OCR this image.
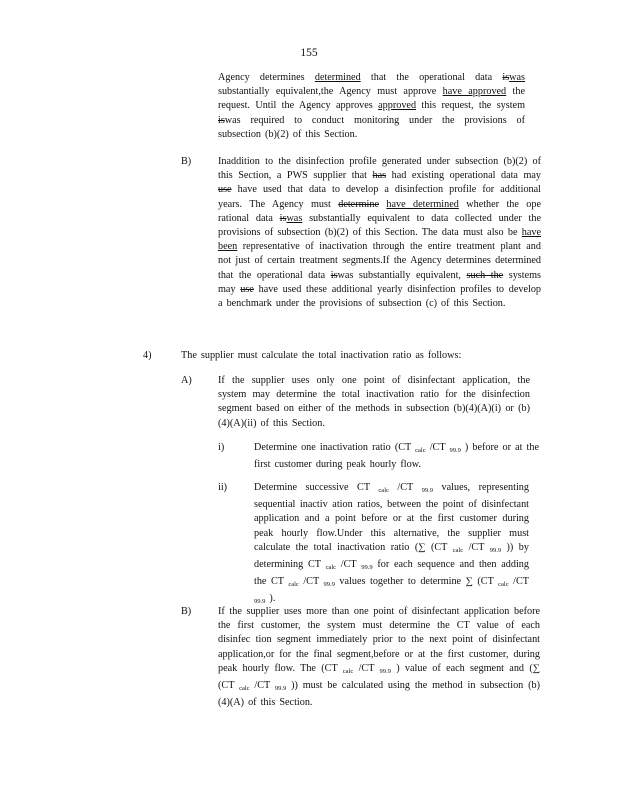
155
Agency determines determined that the operational data iswas substantially equivalent,the Agency must approve have approved the request. Until the Agency approves approved this request, the system iswas required to conduct monitoring under the provisions of subsection (b)(2) of this Section.
B)	Inaddition to the disinfection profile generated under subsection (b)(2) of this Section, a PWS supplier that has had existing operational data may use have used that data to develop a disinfection profile for additional years. The Agency must determine have determined whether the ope rational data iswas substantially equivalent to data collected under the provisions of subsection (b)(2) of this Section. The data must also be have been representative of inactivation through the entire treatment plant and not just of certain treatment segments.If the Agency determines determined that the operational data iswas substantially equivalent, such the systems may use have used these additional yearly disinfection profiles to develop a benchmark under the provisions of subsection (c) of this Section.
4)	The supplier must calculate the total inactivation ratio as follows:
A)	If the supplier uses only one point of disinfectant application, the system may determine the total inactivation ratio for the disinfection segment based on either of the methods in subsection (b)(4)(A)(i) or (b)(4)(A)(ii) of this Section.
i)	Determine one inactivation ratio (CT $_{calc}$ /CT $_{99.9}$ ) before or at the first customer during peak hourly flow.
ii)	Determine successive CT $_{calc}$ /CT $_{99.9}$ values, representing sequential inactiv ation ratios, between the point of disinfectant application and a point before or at the first customer during peak hourly flow.Under this alternative, the supplier must calculate the total inactivation ratio (∑ (CT $_{calc}$ /CT $_{99.9}$ )) by determining CT $_{calc}$ /CT $_{99.9}$ for each sequence and then adding the CT $_{calc}$ /CT $_{99.9}$ values together to determine ∑ (CT $_{calc}$ /CT $_{99.9}$ ).
B)	If the supplier uses more than one point of disinfectant application before the first customer, the system must determine the CT value of each disinfec tion segment immediately prior to the next point of disinfectant application,or for the final segment,before or at the first customer, during peak hourly flow. The (CT $_{calc}$ /CT $_{99.9}$ ) value of each segment and (∑ (CT $_{calc}$ /CT $_{99.9}$ )) must be calculated using the method in subsection (b)(4)(A) of this Section.
